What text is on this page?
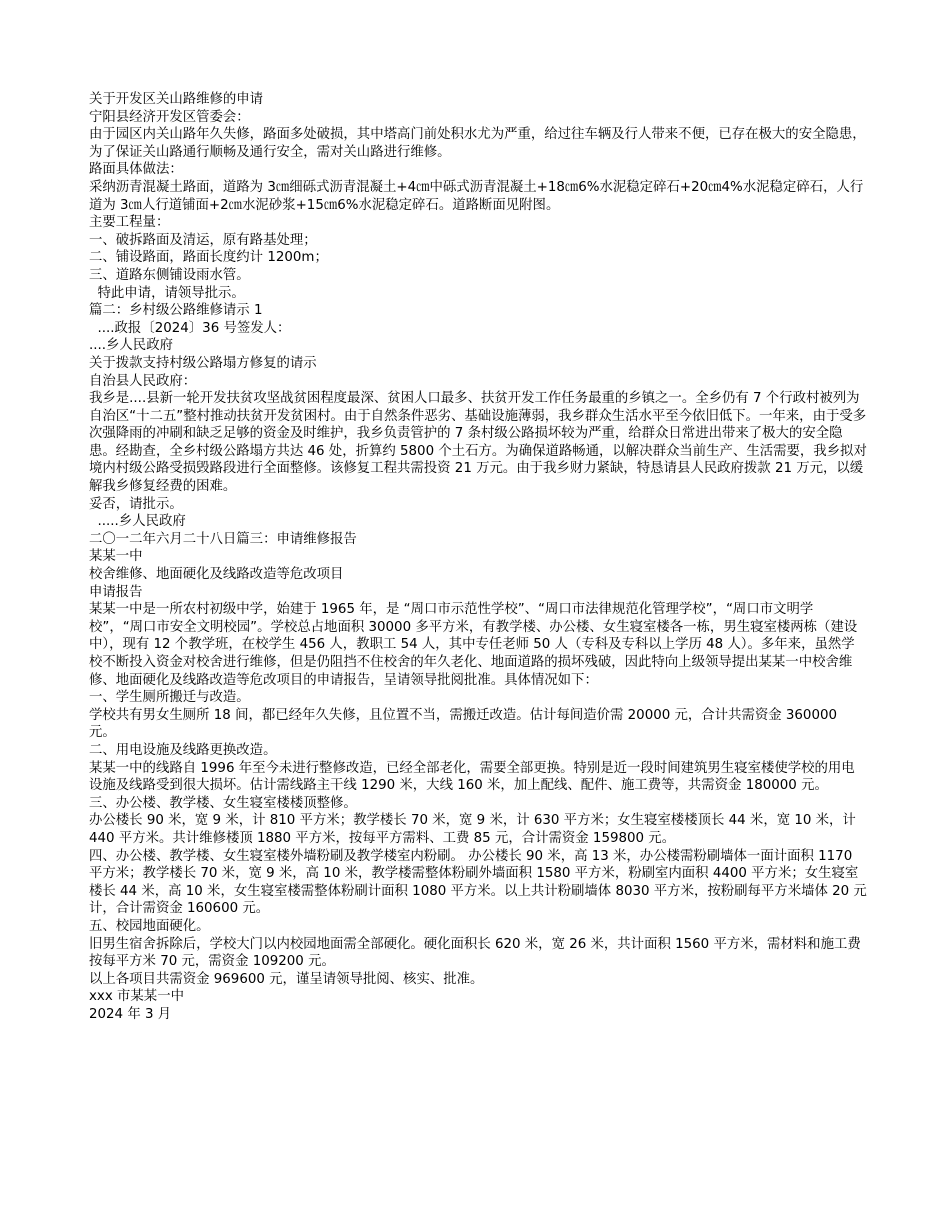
关于开发区关山路维修的申请

宁阳县经济开发区管委会：

由于园区内关山路年久失修，路面多处破损，其中塔高门前处积水尤为严重，给过往车辆及行人带来不便，已存在极大的安全隐患，为了保证关山路通行顺畅及通行安全，需对关山路进行维修。

路面具体做法：

采纳沥青混凝土路面，道路为 3㎝细砾式沥青混凝土+4㎝中砾式沥青混凝土+18㎝6%水泥稳定碎石+20㎝4%水泥稳定碎石，人行道为 3㎝人行道铺面+2㎝水泥砂浆+15㎝6%水泥稳定碎石。道路断面见附图。

主要工程量：

一、破拆路面及清运，原有路基处理；

二、铺设路面，路面长度约计 1200m；

三、道路东侧铺设雨水管。

特此申请，请领导批示。

篇二：乡村级公路维修请示 1

....政报〔2024〕36 号签发人：

....乡人民政府

关于拨款支持村级公路塌方修复的请示

自治县人民政府：

我乡是....县新一轮开发扶贫攻坚战贫困程度最深、贫困人口最多、扶贫开发工作任务最重的乡镇之一。全乡仍有 7 个行政村被列为自治区“十二五”整村推动扶贫开发贫困村。由于自然条件恶劣、基础设施薄弱，我乡群众生活水平至今依旧低下。一年来，由于受多次强降雨的冲刷和缺乏足够的资金及时维护，我乡负责管护的 7 条村级公路损坏较为严重，给群众日常进出带来了极大的安全隐患。经勘查，全乡村级公路塌方共达 46 处，折算约 5800 个土石方。为确保道路畅通，以解决群众当前生产、生活需要，我乡拟对境内村级公路受损毁路段进行全面整修。该修复工程共需投资 21 万元。由于我乡财力紧缺，特恳请县人民政府拨款 21 万元，以缓解我乡修复经费的困难。

妥否，请批示。

.....乡人民政府

二〇一二年六月二十八日篇三：申请维修报告

某某一中

校舍维修、地面硬化及线路改造等危改项目

申请报告

某某一中是一所农村初级中学，始建于 1965 年，是 “周口市示范性学校”、“周口市法律规范化管理学校”，“周口市文明学校”，“周口市安全文明校园”。学校总占地面积 30000 多平方米，有教学楼、办公楼、女生寝室楼各一栋，男生寝室楼两栋（建设中），现有 12 个教学班，在校学生 456 人，教职工 54 人，其中专任老师 50 人（专科及专科以上学历 48 人）。多年来，虽然学校不断投入资金对校舍进行维修，但是仍阻挡不住校舍的年久老化、地面道路的损坏残破，因此特向上级领导提出某某一中校舍维修、地面硬化及线路改造等危改项目的申请报告，呈请领导批阅批准。具体情况如下：

一、学生厕所搬迁与改造。

学校共有男女生厕所 18 间，都已经年久失修，且位置不当，需搬迁改造。估计每间造价需 20000 元，合计共需资金 360000 元。

二、用电设施及线路更换改造。

某某一中的线路自 1996 年至今未进行整修改造，已经全部老化，需要全部更换。特别是近一段时间建筑男生寝室楼使学校的用电设施及线路受到很大损坏。估计需线路主干线 1290 米，大线 160 米，加上配线、配件、施工费等，共需资金 180000 元。

三、办公楼、教学楼、女生寝室楼楼顶整修。

办公楼长 90 米，宽 9 米，计 810 平方米；教学楼长 70 米，宽 9 米，计 630 平方米；女生寝室楼楼顶长 44 米，宽 10 米，计 440 平方米。共计维修楼顶 1880 平方米，按每平方需料、工费 85 元，合计需资金 159800 元。

四、办公楼、教学楼、女生寝室楼外墙粉刷及教学楼室内粉刷。 办公楼长 90 米，高 13 米，办公楼需粉刷墙体一面计面积 1170 平方米；教学楼长 70 米，宽 9 米，高 10 米，教学楼需整体粉刷外墙面积 1580 平方米，粉刷室内面积 4400 平方米；女生寝室楼长 44 米，高 10 米，女生寝室楼需整体粉刷计面积 1080 平方米。以上共计粉刷墙体 8030 平方米，按粉刷每平方米墙体 20 元计，合计需资金 160600 元。

五、校园地面硬化。

旧男生宿舍拆除后，学校大门以内校园地面需全部硬化。硬化面积长 620 米，宽 26 米，共计面积 1560 平方米，需材料和施工费按每平方米 70 元，需资金 109200 元。

以上各项目共需资金 969600 元，谨呈请领导批阅、核实、批准。

xxx 市某某一中

2024 年 3 月
